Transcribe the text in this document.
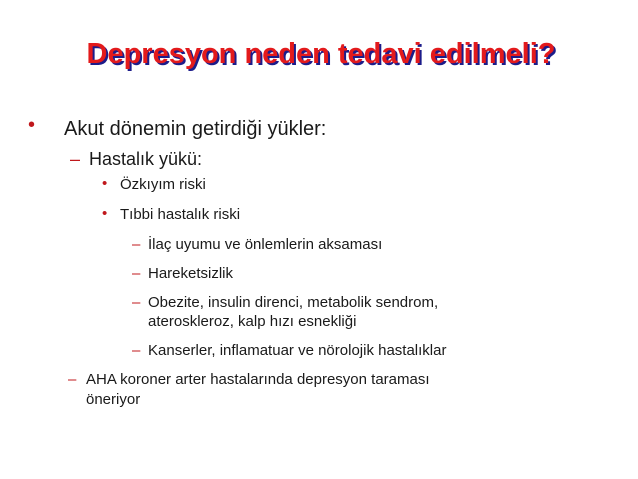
Depresyon neden tedavi edilmeli?
• Akut dönemin getirdiği yükler:
– Hastalık yükü:
• Özkıyım riski
• Tıbbi hastalık riski
– İlaç uyumu ve önlemlerin aksaması
– Hareketsizlik
– Obezite, insulin direnci, metabolik sendrom,
ateroskleroz, kalp hızı esnekliği
– Kanserler, inflamatuar ve nörolojik hastalıklar
– AHA koroner arter hastalarında depresyon taraması
öneriyor
